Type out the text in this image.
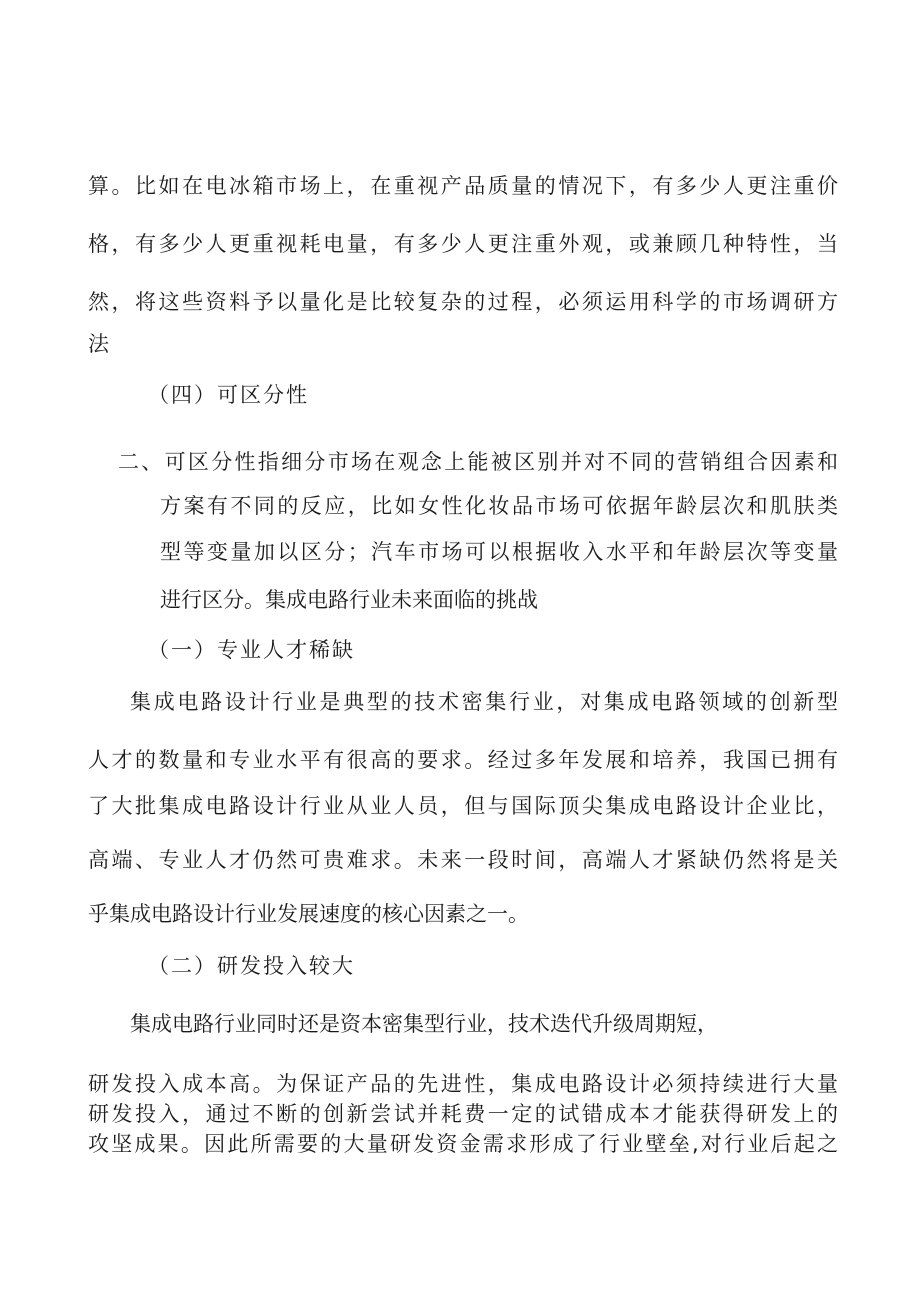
算。比如在电冰箱市场上，在重视产品质量的情况下，有多少人更注重价
格，有多少人更重视耗电量，有多少人更注重外观，或兼顾几种特性，当
然，将这些资料予以量化是比较复杂的过程，必须运用科学的市场调研方
法
（四）可区分性
二、可区分性指细分市场在观念上能被区别并对不同的营销组合因素和
方案有不同的反应，比如女性化妆品市场可依据年龄层次和肌肤类
型等变量加以区分；汽车市场可以根据收入水平和年龄层次等变量
进行区分。集成电路行业未来面临的挑战
（一）专业人才稀缺
集成电路设计行业是典型的技术密集行业，对集成电路领域的创新型
人才的数量和专业水平有很高的要求。经过多年发展和培养，我国已拥有
了大批集成电路设计行业从业人员，但与国际顶尖集成电路设计企业比，
高端、专业人才仍然可贵难求。未来一段时间，高端人才紧缺仍然将是关
乎集成电路设计行业发展速度的核心因素之一。
（二）研发投入较大
集成电路行业同时还是资本密集型行业，技术迭代升级周期短，
研发投入成本高。为保证产品的先进性，集成电路设计必须持续进行大量
研发投入，通过不断的创新尝试并耗费一定的试错成本才能获得研发上的
攻坚成果。因此所需要的大量研发资金需求形成了行业壁垒,对行业后起之
